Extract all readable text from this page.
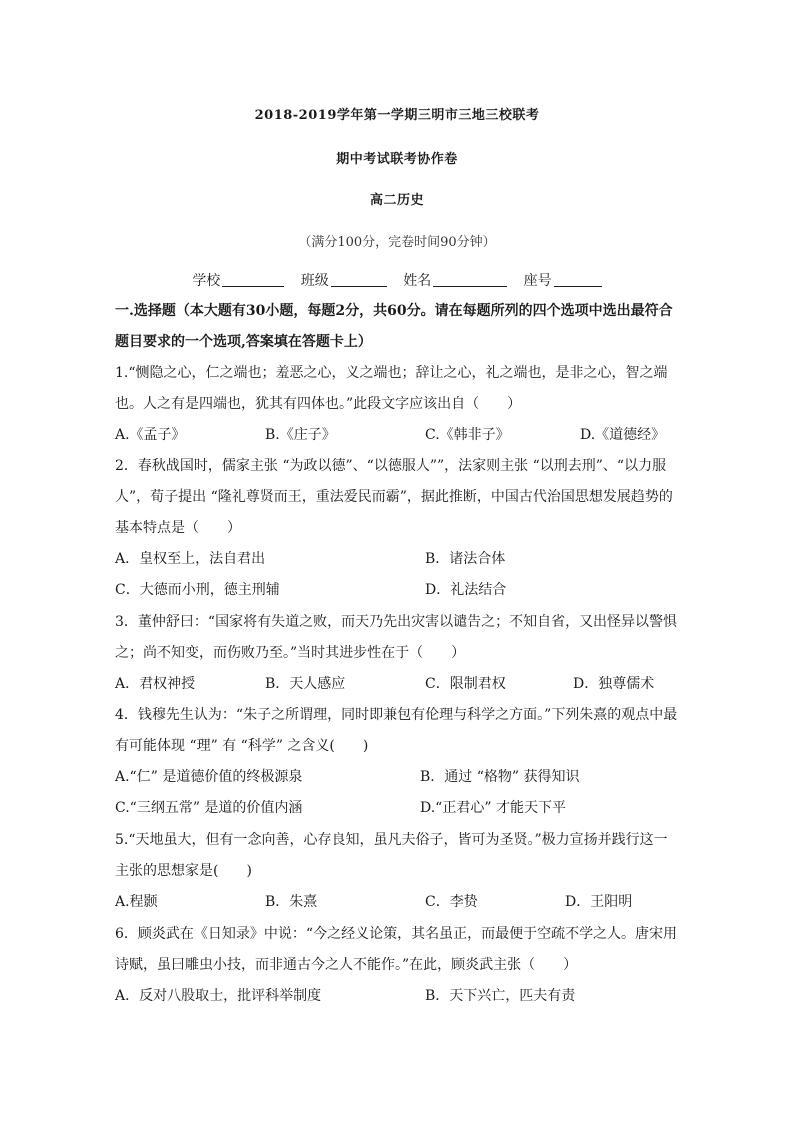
2018-2019学年第一学期三明市三地三校联考
期中考试联考协作卷
高二历史
（满分100分，完卷时间90分钟）
学校	班级	姓名	座号
一.选择题（本大题有30小题，每题2分，共60分。请在每题所列的四个选项中选出最符合
题目要求的一个选项,答案填在答题卡上）
1.“恻隐之心，仁之端也；羞恶之心，义之端也；辞让之心，礼之端也，是非之心，智之端
也。人之有是四端也，犹其有四体也。”此段文字应该出自（　　）
A.《孟子》	B.《庄子》	C.《韩非子》	D.《道德经》
2．春秋战国时，儒家主张 “为政以德”、“以德服人””，法家则主张 “以刑去刑”、“以力服
人”，荀子提出 “隆礼尊贤而王，重法爱民而霸”，据此推断，中国古代治国思想发展趋势的
基本特点是（　　）
A．皇权至上，法自君出	B．诸法合体
C．大德而小刑，德主刑辅	D．礼法结合
3．董仲舒曰：“国家将有失道之败，而天乃先出灾害以谴告之；不知自省，又出怪异以警惧
之；尚不知变，而伤败乃至。”当时其进步性在于（　　）
A．君权神授	B．天人感应	C．限制君权	D．独尊儒术
4．钱穆先生认为：“朱子之所谓理，同时即兼包有伦理与科学之方面。”下列朱熹的观点中最
有可能体现 “理” 有 “科学” 之含义(　　)
A.“仁” 是道德价值的终极源泉	B．通过 “格物” 获得知识
C.“三纲五常” 是道的价值内涵	D.“正君心” 才能天下平
5.“天地虽大，但有一念向善，心存良知，虽凡夫俗子，皆可为圣贤。”极力宣扬并践行这一
主张的思想家是(　　)
A.程颢	B．朱熹	C．李贽	D．王阳明
6．顾炎武在《日知录》中说：“今之经义论策，其名虽正，而最便于空疏不学之人。唐宋用
诗赋，虽曰雕虫小技，而非通古今之人不能作。”在此，顾炎武主张（　　）
A．反对八股取士，批评科举制度	B．天下兴亡，匹夫有责
